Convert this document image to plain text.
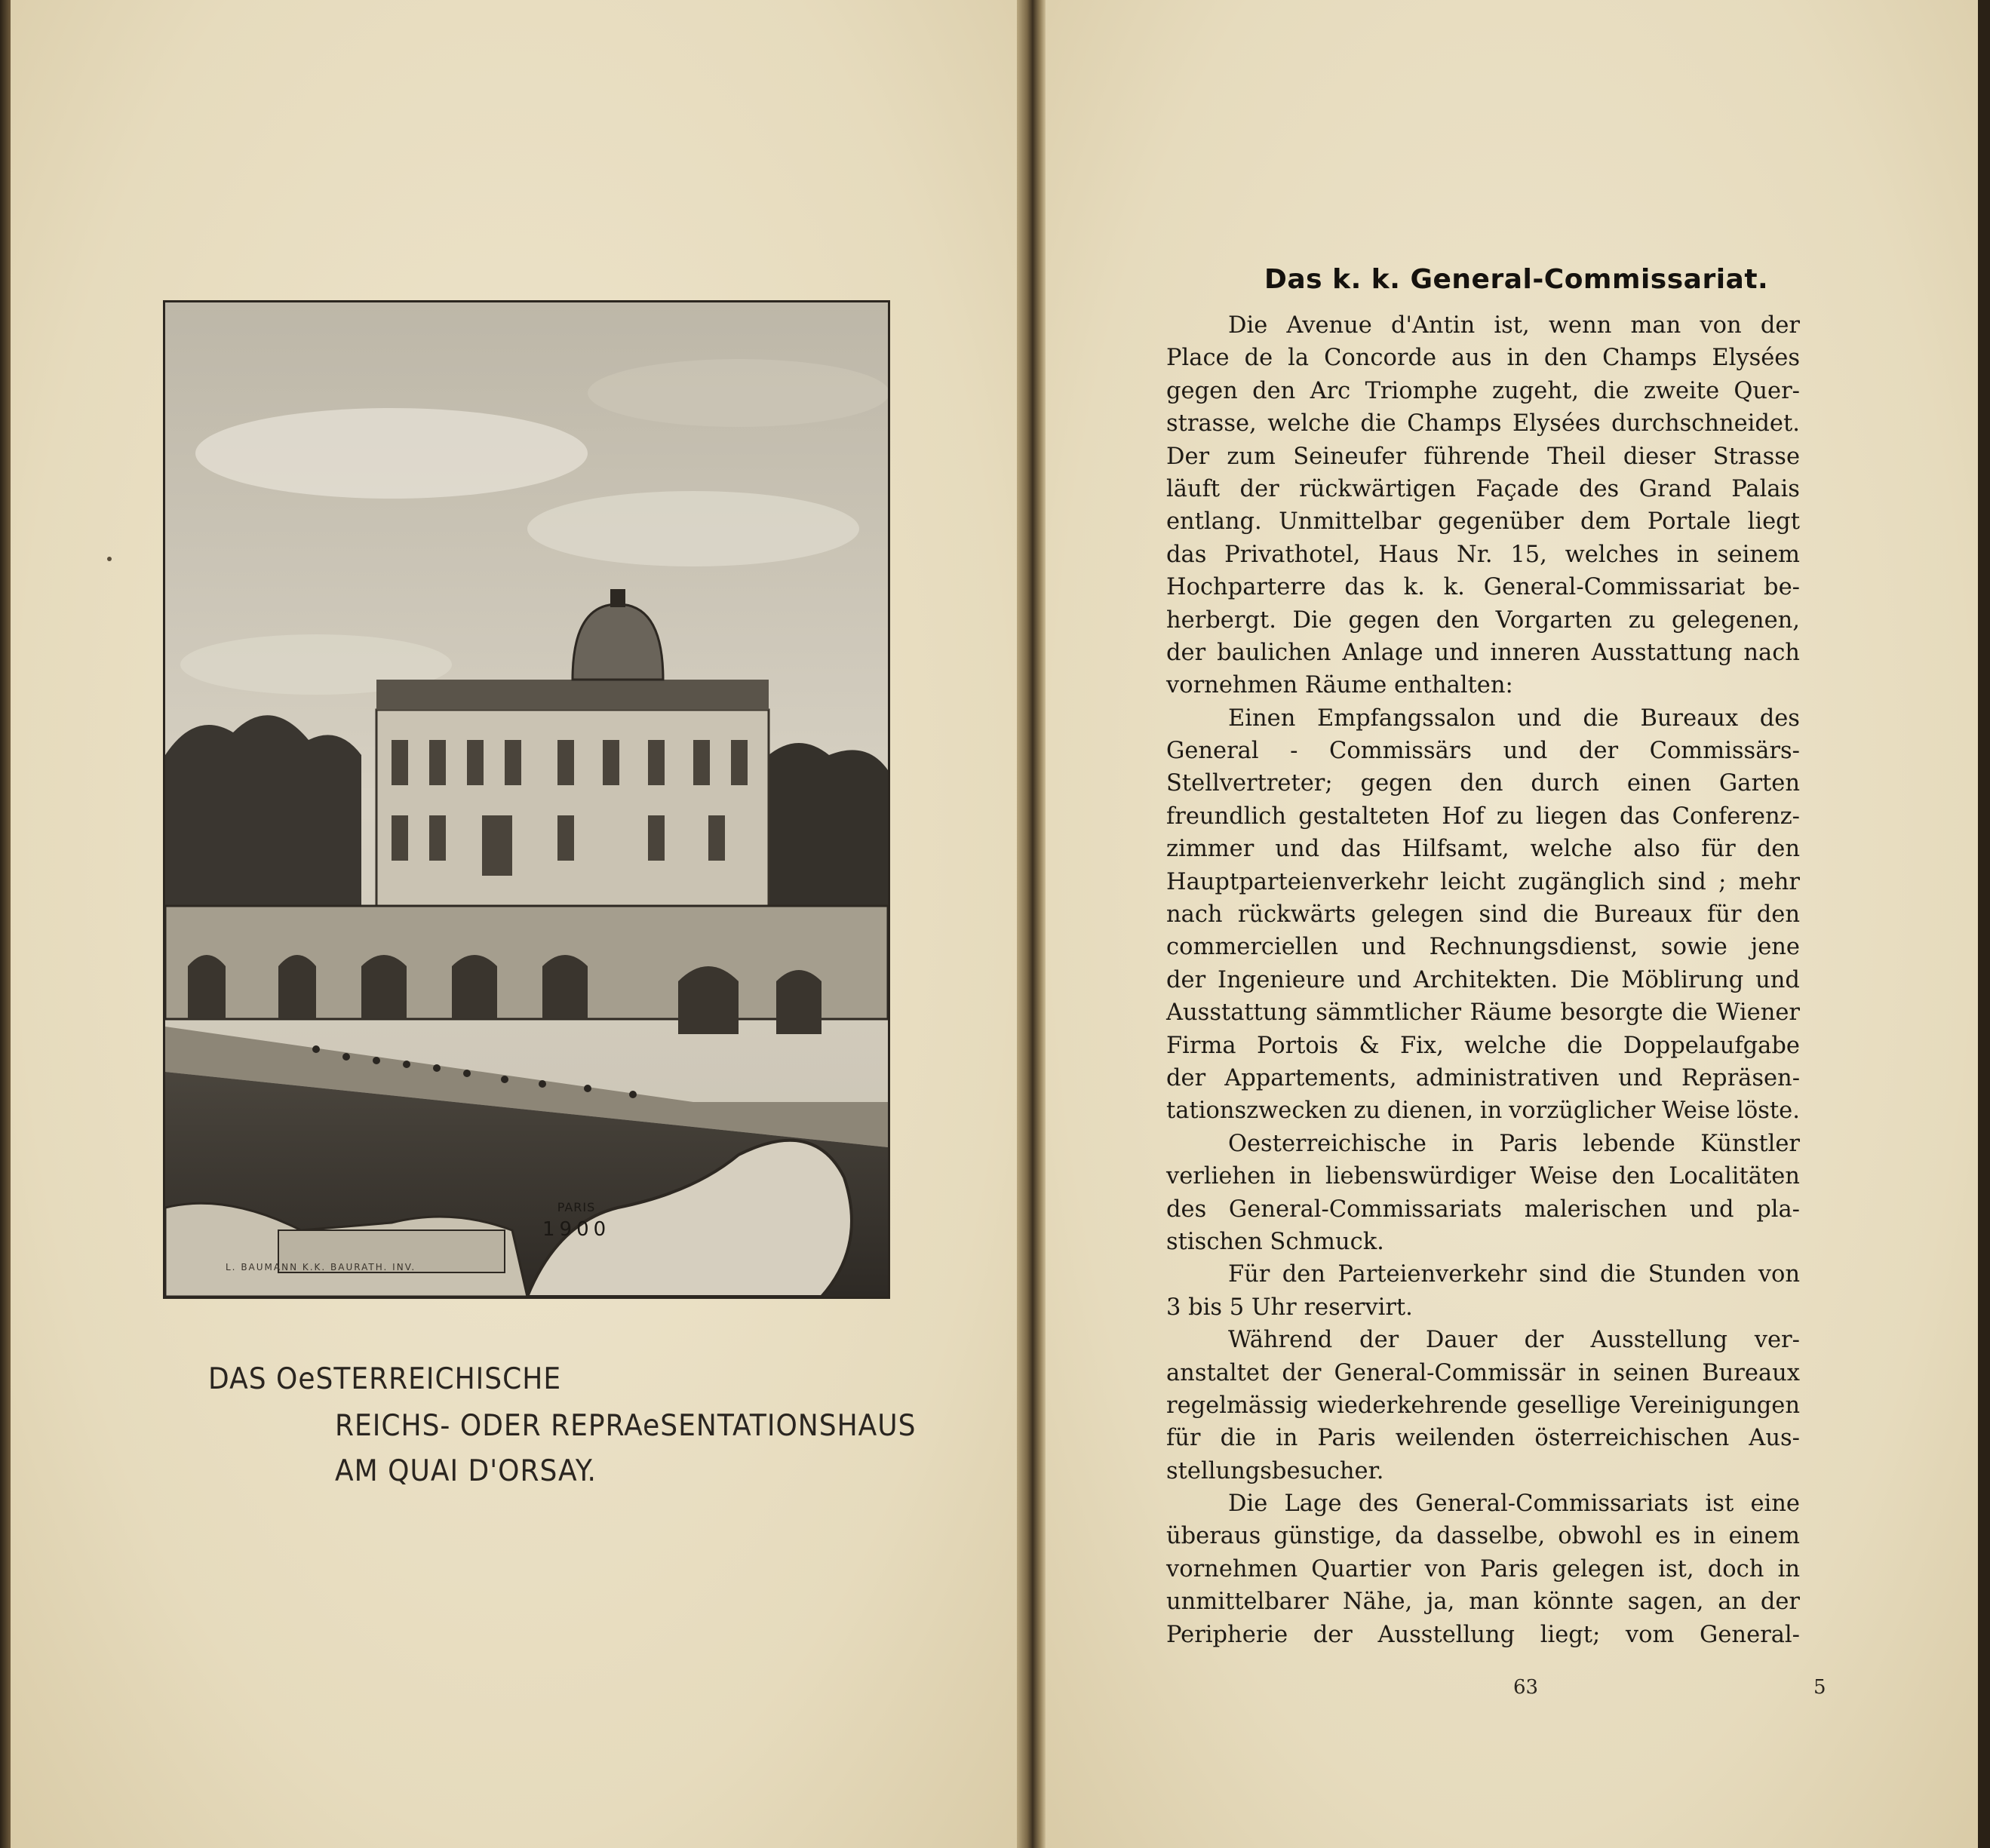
PARIS
1900
L. BAUMANN K.K. BAURATH. INV.
DAS OeSTERREICHISCHE
REICHS- ODER REPRAeSENTATIONSHAUS
AM QUAI D'ORSAY.
Das k. k. General-Commissariat.
Die Avenue d'Antin ist, wenn man von der
Place de la Concorde aus in den Champs Elysées
gegen den Arc Triomphe zugeht, die zweite Quer-
strasse, welche die Champs Elysées durchschneidet.
Der zum Seineufer führende Theil dieser Strasse
läuft der rückwärtigen Façade des Grand Palais
entlang. Unmittelbar gegenüber dem Portale liegt
das Privathotel, Haus Nr. 15, welches in seinem
Hochparterre das k. k. General-Commissariat be-
herbergt. Die gegen den Vorgarten zu gelegenen,
der baulichen Anlage und inneren Ausstattung nach
vornehmen Räume enthalten:
Einen Empfangssalon und die Bureaux des
General - Commissärs und der Commissärs-
Stellvertreter; gegen den durch einen Garten
freundlich gestalteten Hof zu liegen das Conferenz-
zimmer und das Hilfsamt, welche also für den
Hauptparteienverkehr leicht zugänglich sind ; mehr
nach rückwärts gelegen sind die Bureaux für den
commerciellen und Rechnungsdienst, sowie jene
der Ingenieure und Architekten. Die Möblirung und
Ausstattung sämmtlicher Räume besorgte die Wiener
Firma Portois & Fix, welche die Doppelaufgabe
der Appartements, administrativen und Repräsen-
tationszwecken zu dienen, in vorzüglicher Weise löste.
Oesterreichische in Paris lebende Künstler
verliehen in liebenswürdiger Weise den Localitäten
des General-Commissariats malerischen und pla-
stischen Schmuck.
Für den Parteienverkehr sind die Stunden von
3 bis 5 Uhr reservirt.
Während der Dauer der Ausstellung ver-
anstaltet der General-Commissär in seinen Bureaux
regelmässig wiederkehrende gesellige Vereinigungen
für die in Paris weilenden österreichischen Aus-
stellungsbesucher.
Die Lage des General-Commissariats ist eine
überaus günstige, da dasselbe, obwohl es in einem
vornehmen Quartier von Paris gelegen ist, doch in
unmittelbarer Nähe, ja, man könnte sagen, an der
Peripherie der Ausstellung liegt; vom General-
63	5
